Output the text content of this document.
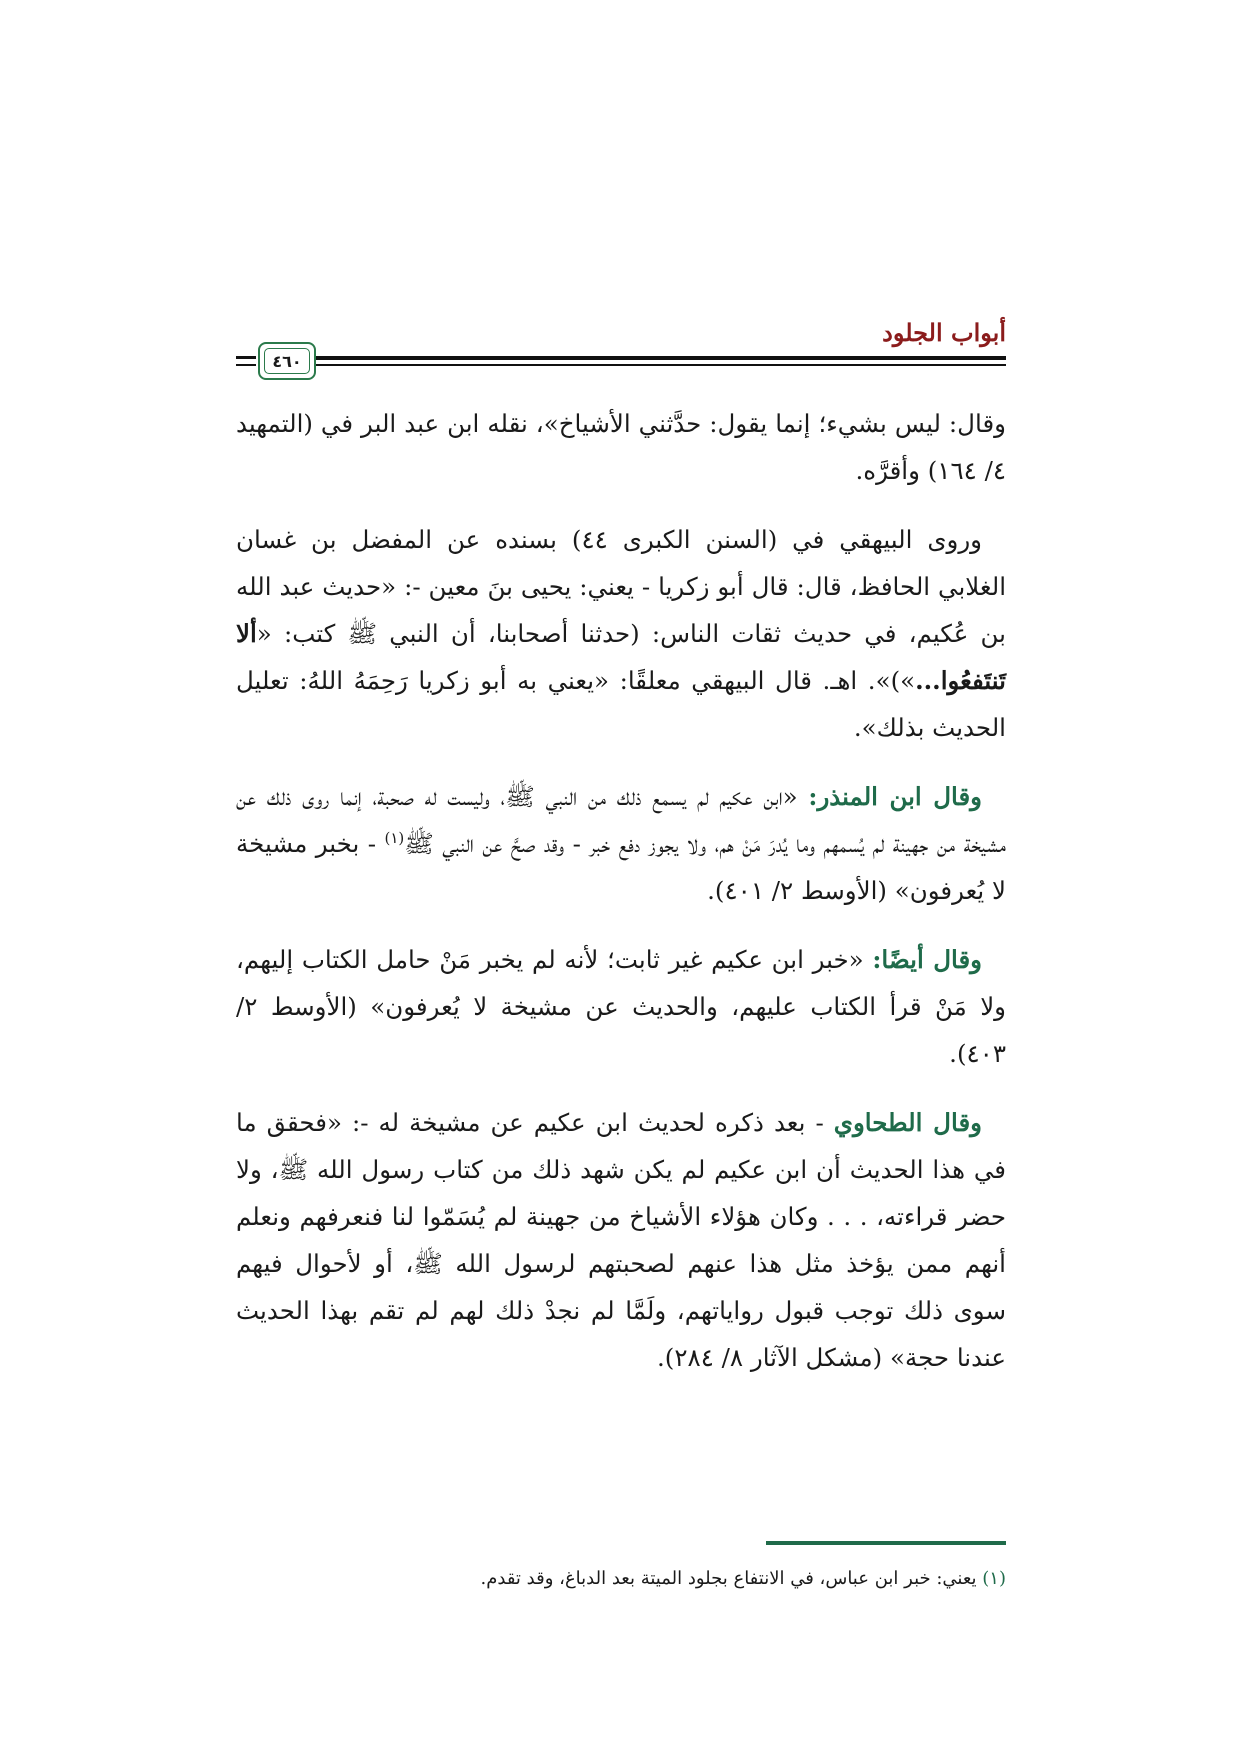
أبواب الجلود
٤٦٠

وقال: ليس بشيء؛ إنما يقول: حدَّثني الأشياخ»، نقله ابن عبد البر في (التمهيد ٤/ ١٦٤) وأقرَّه.

وروى البيهقي في (السنن الكبرى ٤٤) بسنده عن المفضل بن غسان الغلابي الحافظ، قال: قال أبو زكريا - يعني: يحيى بنَ معين -: «حديث عبد الله بن عُكيم، في حديث ثقات الناس: (حدثنا أصحابنا، أن النبي ﷺ كتب: «ألا تَنتَفعُوا...»)». اهـ. قال البيهقي معلقًا: «يعني به أبو زكريا رَحِمَهُ اللهُ: تعليل الحديث بذلك».

وقال ابن المنذر: «ابن عكيم لم يسمع ذلك من النبي ﷺ، وليست له صحبة، إنما روى ذلك عن مشيخة من جهينة لم يُسمهم وما يُدرَ مَنْ هم، ولا يجوز دفع خبر - وقد صحَّ عن النبي ﷺ$^{(١)}$ - بخبر مشيخة لا يُعرفون» (الأوسط ٢/ ٤٠١).

وقال أيضًا: «خبر ابن عكيم غير ثابت؛ لأنه لم يخبر مَنْ حامل الكتاب إليهم، ولا مَنْ قرأ الكتاب عليهم، والحديث عن مشيخة لا يُعرفون» (الأوسط ٢/ ٤٠٣).

وقال الطحاوي - بعد ذكره لحديث ابن عكيم عن مشيخة له -: «فحقق ما في هذا الحديث أن ابن عكيم لم يكن شهد ذلك من كتاب رسول الله ﷺ، ولا حضر قراءته، . . . وكان هؤلاء الأشياخ من جهينة لم يُسَمّوا لنا فنعرفهم ونعلم أنهم ممن يؤخذ مثل هذا عنهم لصحبتهم لرسول الله ﷺ، أو لأحوال فيهم سوى ذلك توجب قبول رواياتهم، ولَمَّا لم نجدْ ذلك لهم لم تقم بهذا الحديث عندنا حجة» (مشكل الآثار ٨/ ٢٨٤).

(١) يعني: خبر ابن عباس، في الانتفاع بجلود الميتة بعد الدباغ، وقد تقدم.
